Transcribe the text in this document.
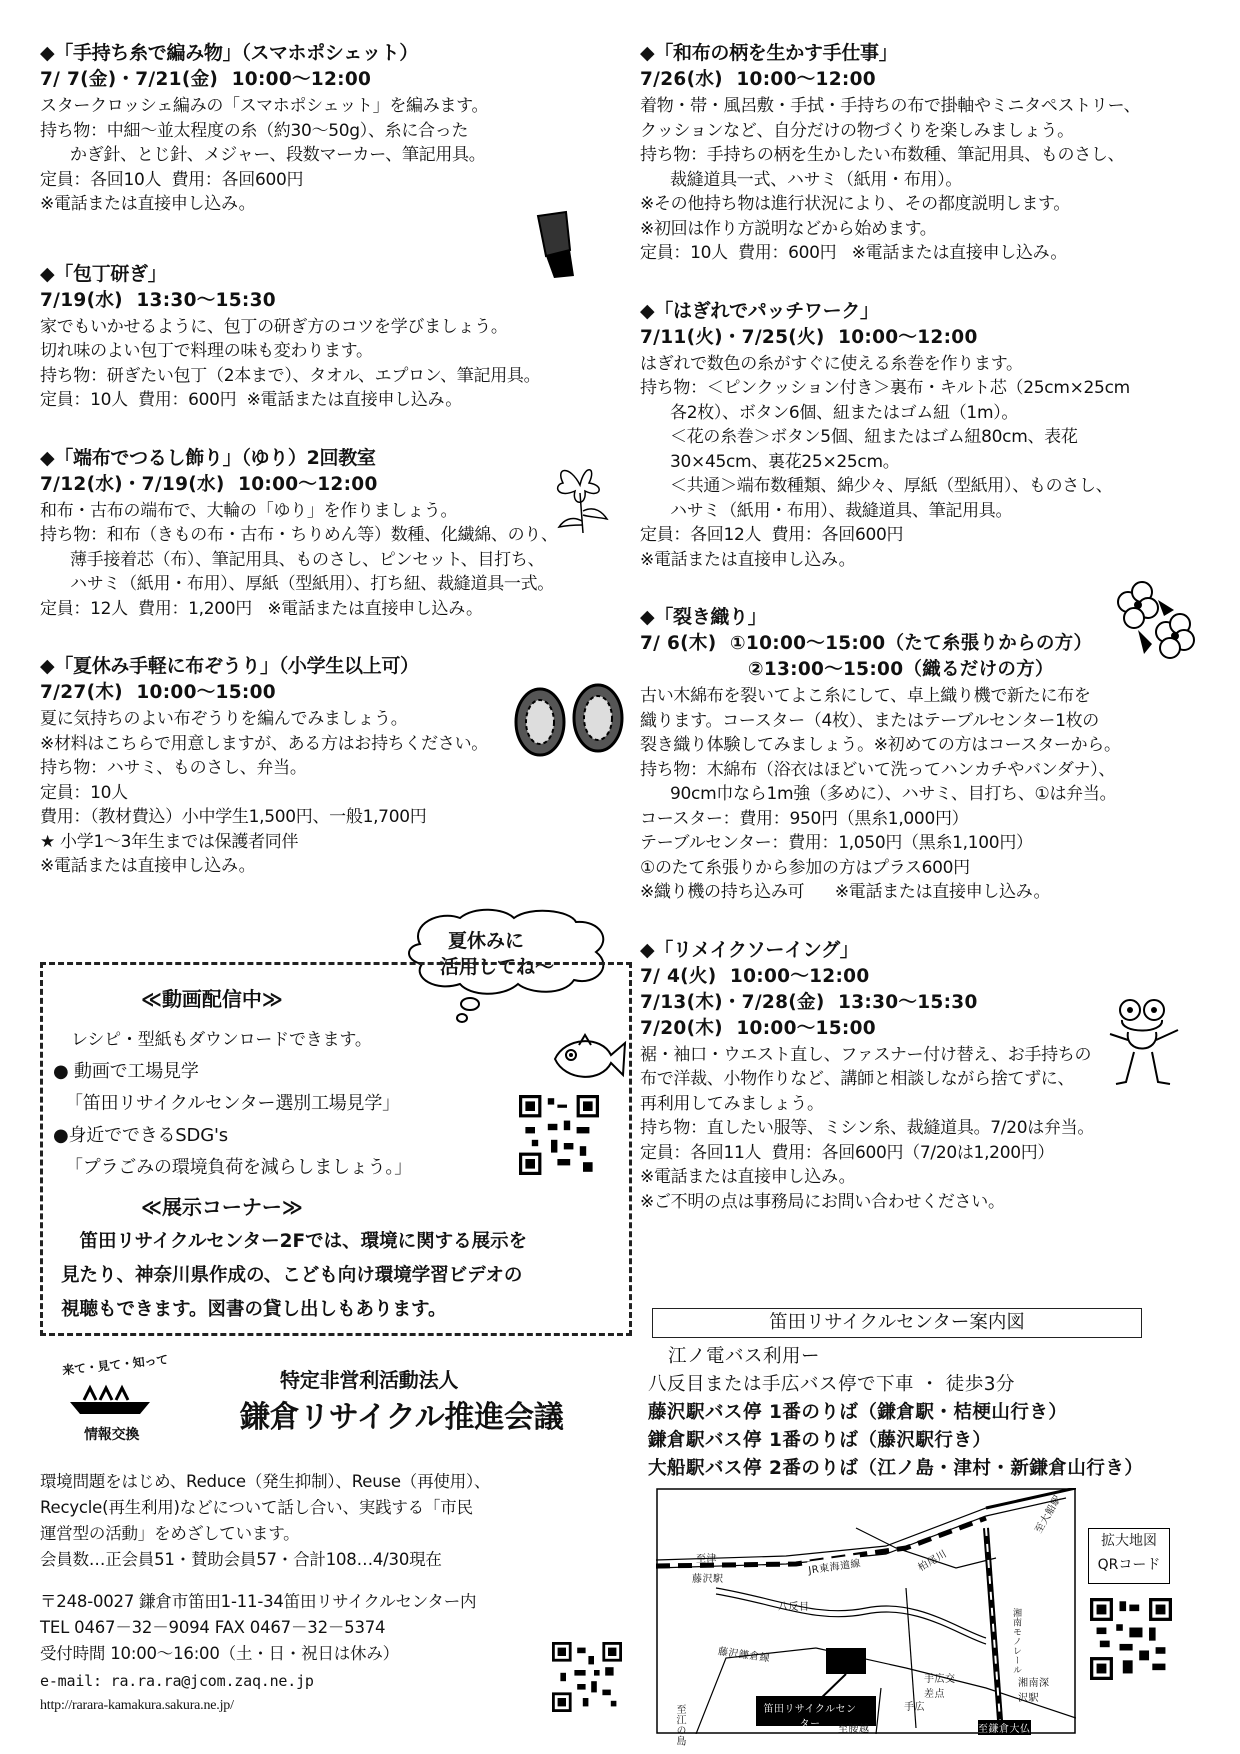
◆「手持ち糸で編み物」（スマホポシェット）
7/ 7(金)・7/21(金)  10:00～12:00

スタークロッシェ編みの「スマホポシェット」を編みます。

持ち物：中細～並太程度の糸（約30～50g）、糸に合った

かぎ針、とじ針、メジャー、段数マーカー、筆記用具。

定員：各回10人  費用：各回600円

※電話または直接申し込み。

◆「包丁研ぎ」
7/19(水)  13:30～15:30

家でもいかせるように、包丁の研ぎ方のコツを学びましょう。

切れ味のよい包丁で料理の味も変わります。

持ち物：研ぎたい包丁（2本まで）、タオル、エプロン、筆記用具。

定員：10人  費用：600円  ※電話または直接申し込み。

◆「端布でつるし飾り」（ゆり）2回教室
7/12(水)・7/19(水)  10:00～12:00

和布・古布の端布で、大輪の「ゆり」を作りましょう。

持ち物：和布（きもの布・古布・ちりめん等）数種、化繊綿、のり、

薄手接着芯（布）、筆記用具、ものさし、ピンセット、目打ち、

ハサミ（紙用・布用）、厚紙（型紙用）、打ち紐、裁縫道具一式。

定員：12人  費用：1,200円   ※電話または直接申し込み。

◆「夏休み手軽に布ぞうり」（小学生以上可）
7/27(木)  10:00～15:00

夏に気持ちのよい布ぞうりを編んでみましょう。

※材料はこちらで用意しますが、ある方はお持ちください。

持ち物：ハサミ、ものさし、弁当。

定員：10人

費用：（教材費込）小中学生1,500円、一般1,700円

★ 小学1～3年生までは保護者同伴

※電話または直接申し込み。

◆「和布の柄を生かす手仕事」
7/26(水)  10:00～12:00

着物・帯・風呂敷・手拭・手持ちの布で掛軸やミニタペストリー、

クッションなど、自分だけの物づくりを楽しみましょう。

持ち物：手持ちの柄を生かしたい布数種、筆記用具、ものさし、

裁縫道具一式、ハサミ（紙用・布用）。

※その他持ち物は進行状況により、その都度説明します。

※初回は作り方説明などから始めます。

定員：10人  費用：600円   ※電話または直接申し込み。

◆「はぎれでパッチワーク」
7/11(火)・7/25(火)  10:00～12:00

はぎれで数色の糸がすぐに使える糸巻を作ります。

持ち物：＜ピンクッション付き＞裏布・キルト芯（25cm×25cm

各2枚）、ボタン6個、紐またはゴム紐（1m）。

＜花の糸巻＞ボタン5個、紐またはゴム紐80cm、表花

30×45cm、裏花25×25cm。

＜共通＞端布数種類、綿少々、厚紙（型紙用）、ものさし、

ハサミ（紙用・布用）、裁縫道具、筆記用具。

定員：各回12人  費用：各回600円

※電話または直接申し込み。

◆「裂き織り」
7/ 6(木)  ①10:00～15:00（たて糸張りからの方）
②13:00～15:00（織るだけの方）

古い木綿布を裂いてよこ糸にして、卓上織り機で新たに布を

織ります。コースター（4枚）、またはテーブルセンター1枚の

裂き織り体験してみましょう。※初めての方はコースターから。

持ち物：木綿布（浴衣はほどいて洗ってハンカチやバンダナ）、

90cm巾なら1m強（多めに）、ハサミ、目打ち、①は弁当。

コースター：費用：950円（黒糸1,000円）

テーブルセンター：費用：1,050円（黒糸1,100円）

①のたて糸張りから参加の方はプラス600円

※織り機の持ち込み可      ※電話または直接申し込み。

◆「リメイクソーイング」
7/ 4(火)  10:00～12:00
7/13(木)・7/28(金)  13:30～15:30
7/20(木)  10:00～15:00

裾・袖口・ウエスト直し、ファスナー付け替え、お手持ちの

布で洋裁、小物作りなど、講師と相談しながら捨てずに、

再利用してみましょう。

持ち物：直したい服等、ミシン糸、裁縫道具。7/20は弁当。

定員：各回11人  費用：各回600円（7/20は1,200円）

※電話または直接申し込み。

※ご不明の点は事務局にお問い合わせください。

夏休みに
活用してね～
≪動画配信中≫
レシピ・型紙もダウンロードできます。
● 動画で工場見学
「笛田リサイクルセンター選別工場見学」
●身近でできるSDG's
「プラごみの環境負荷を減らしましょう。」
≪展示コーナー≫
　笛田リサイクルセンター2Fでは、環境に関する展示を
見たり、神奈川県作成の、こども向け環境学習ビデオの
視聴もできます。図書の貸し出しもあります。
来て・見て・知って
情報交換
特定非営利活動法人
鎌倉リサイクル推進会議
環境問題をはじめ、Reduce（発生抑制）、Reuse（再使用）、
Recycle(再生利用)などについて話し合い、実践する「市民
運営型の活動」をめざしています。
会員数…正会員51・賛助会員57・合計108…4/30現在
〒248-0027 鎌倉市笛田1-11-34笛田リサイクルセンター内
TEL 0467－32－9094 FAX 0467－32－5374
受付時間 10:00～16:00（土・日・祝日は休み）
e-mail: ra.ra.ra@jcom.zaq.ne.jp
http://rarara-kamakura.sakura.ne.jp/
笛田リサイクルセンター案内図
江ノ電バス利用ー
八反目または手広バス停で下車 ・ 徒歩3分
藤沢駅バス停 1番のりば（鎌倉駅・桔梗山行き）
鎌倉駅バス停 1番のりば（藤沢駅行き）
大船駅バス停 2番のりば（江ノ島・津村・新鎌倉山行き）
至津
藤沢駅
JR東海道線	柏尾川
至大船駅
湘南モノレール
湘南深沢駅
八反目
藤沢鎌倉線
笛田リサイクルセンター
手広
手広交差点
至江の島	至腰越	至鎌倉大仏
拡大地図
QRコード
